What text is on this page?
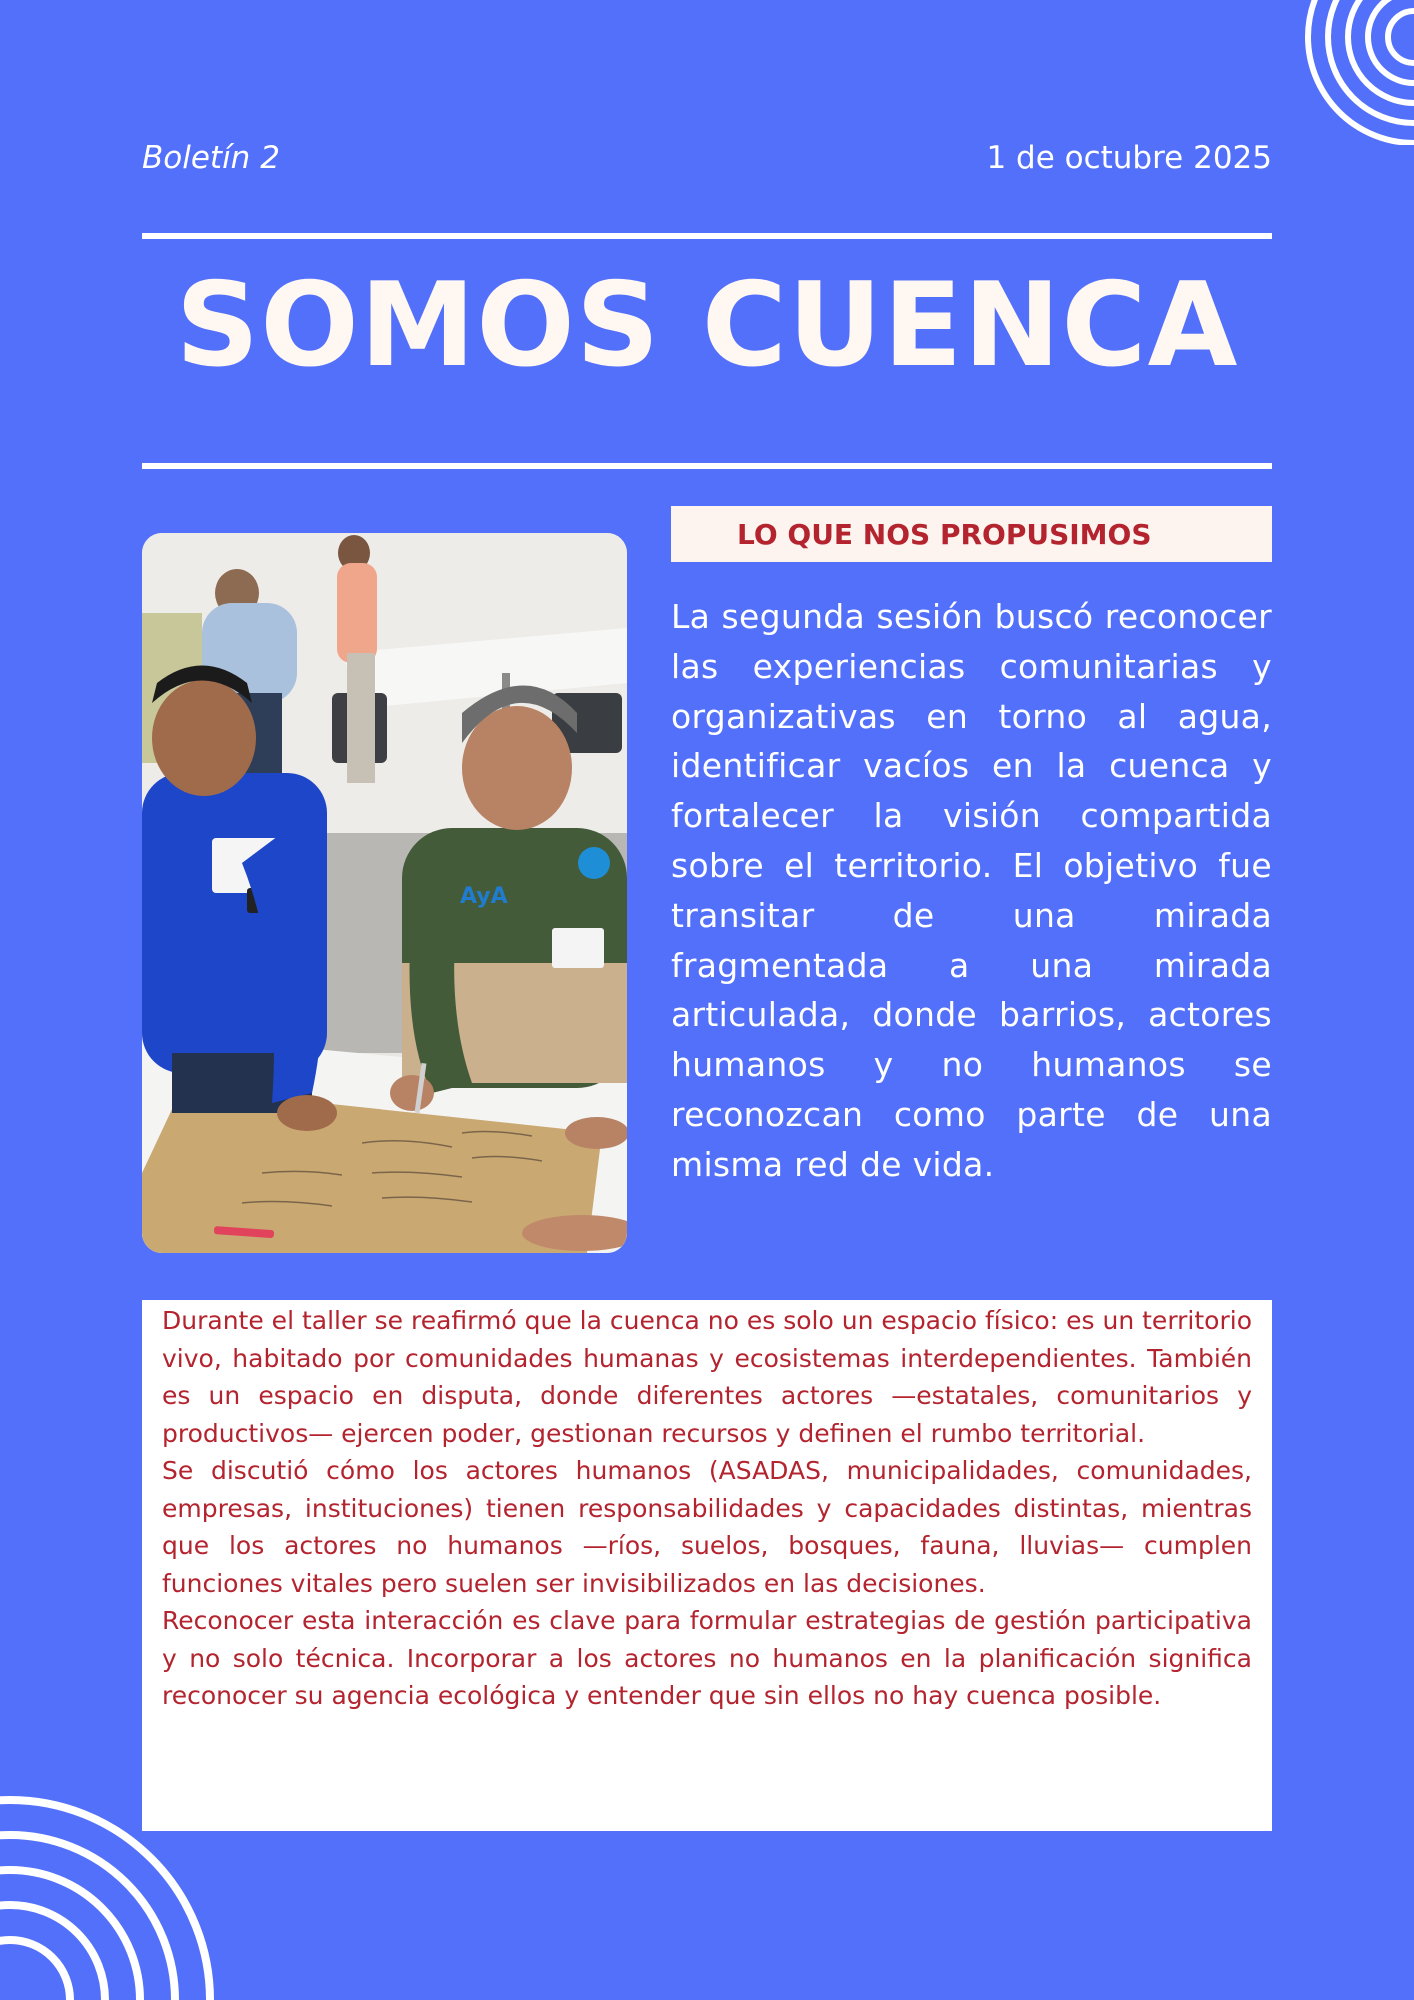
Boletín 2	1 de octubre 2025
SOMOS CUENCA
AyA
LO QUE NOS PROPUSIMOS

La segunda sesión buscó reconocer las experiencias comunitarias y organizativas en torno al agua, identificar vacíos en la cuenca y fortalecer la visión compartida sobre el territorio. El objetivo fue transitar de una mirada fragmentada a una mirada articulada, donde barrios, actores humanos y no humanos se reconozcan como parte de una misma red de vida.

Durante el taller se reafirmó que la cuenca no es solo un espacio físico: es un territorio vivo, habitado por comunidades humanas y ecosistemas interdependientes. También es un espacio en disputa, donde diferentes actores —estatales, comunitarios y productivos— ejercen poder, gestionan recursos y definen el rumbo territorial.

Se discutió cómo los actores humanos (ASADAS, municipalidades, comunidades, empresas, instituciones) tienen responsabilidades y capacidades distintas, mientras que los actores no humanos —ríos, suelos, bosques, fauna, lluvias— cumplen funciones vitales pero suelen ser invisibilizados en las decisiones.

Reconocer esta interacción es clave para formular estrategias de gestión participativa y no solo técnica. Incorporar a los actores no humanos en la planificación significa reconocer su agencia ecológica y entender que sin ellos no hay cuenca posible.
